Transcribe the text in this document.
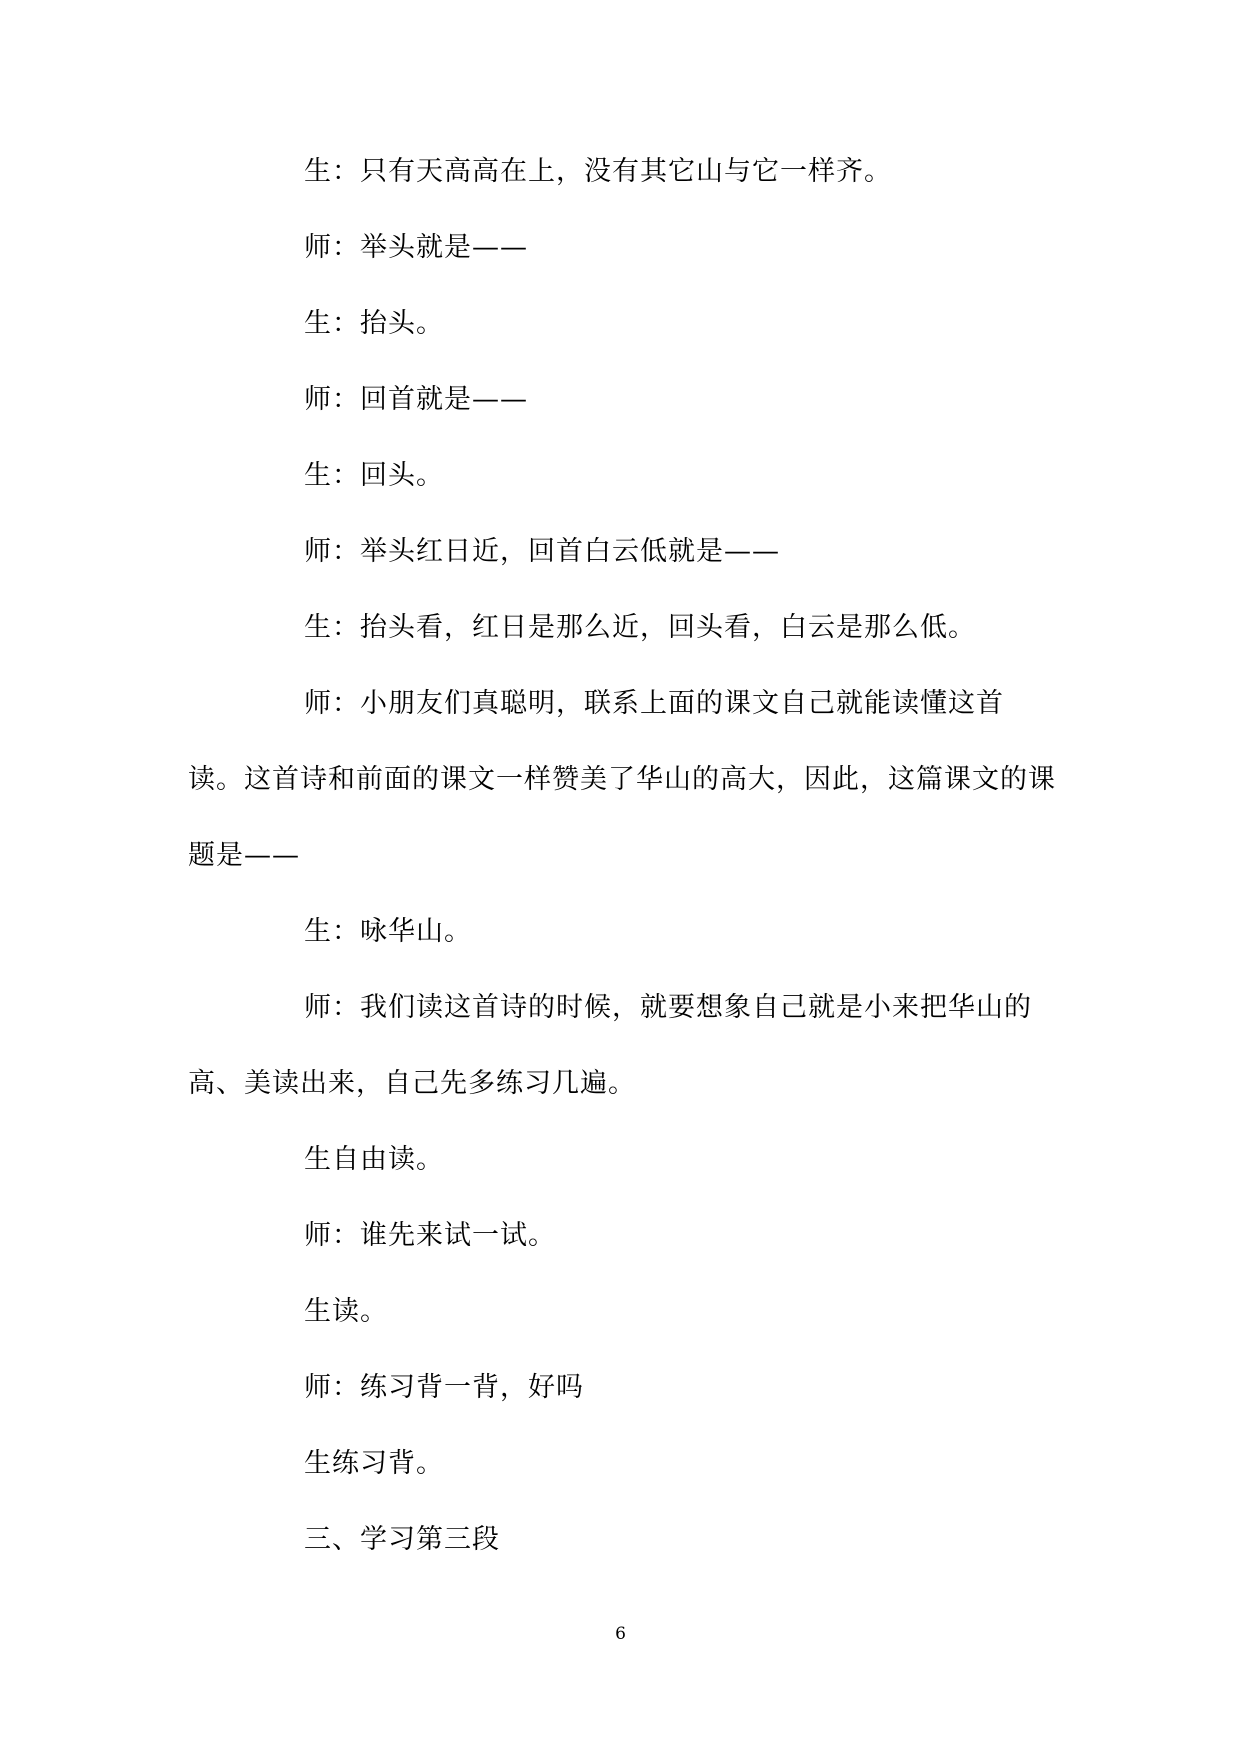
生：只有天高高在上，没有其它山与它一样齐。

师：举头就是——

生：抬头。

师：回首就是——

生：回头。

师：举头红日近，回首白云低就是——

生：抬头看，红日是那么近，回头看，白云是那么低。

师：小朋友们真聪明，联系上面的课文自己就能读懂这首读。这首诗和前面的课文一样赞美了华山的高大，因此，这篇课文的课题是——

生：咏华山。

师：我们读这首诗的时候，就要想象自己就是小来把华山的高、美读出来，自己先多练习几遍。

生自由读。

师：谁先来试一试。

生读。

师：练习背一背，好吗

生练习背。

三、学习第三段

6
